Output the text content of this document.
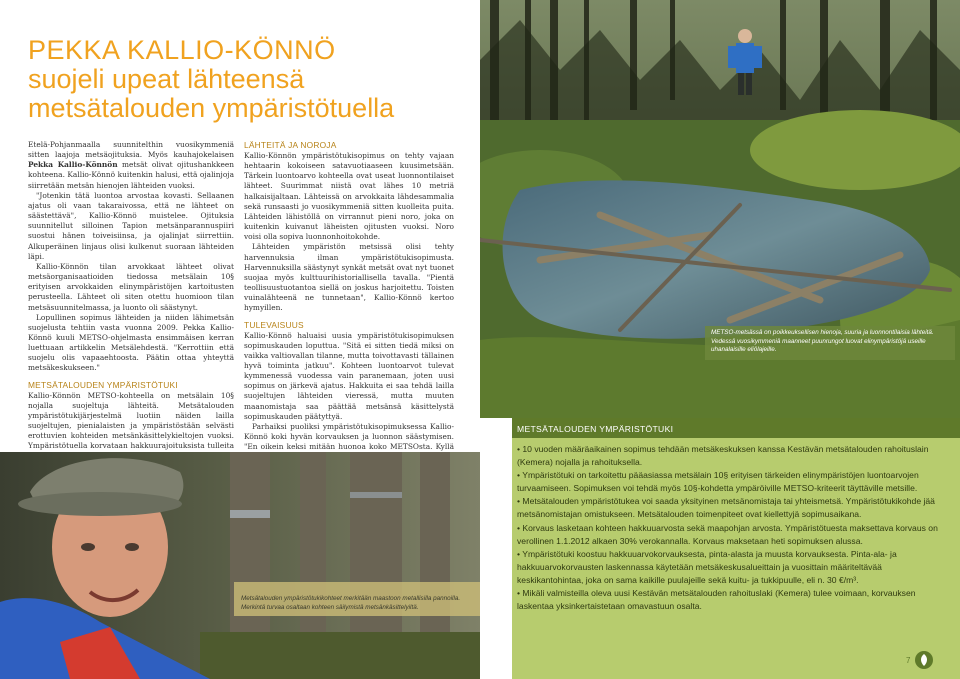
PEKKA KALLIO-KÖNNÖ
suojeli upeat lähteensä
metsätalouden ympäristötuella

Etelä-Pohjanmaalla suunnitelthin vuosikymmeniä sitten laajoja metsäojituksia. Myös kauhajokelaisen Pekka Kallio-Könnön metsät olivat ojitushankkeen kohteena. Kallio-Könnö kuitenkin halusi, että ojalinjoja siirretään metsän hienojen lähteiden vuoksi.

"Jotenkin tätä luontoa arvostaa kovasti. Sellaanen ajatus oli vaan takaraivossa, että ne lähteet on säästettävä", Kallio-Könnö muistelee. Ojituksia suunnitellut silloinen Tapion metsänparannuspiiri suostui hänen toiveisiinsa, ja ojalinjat siirrettiin. Alkuperäinen linjaus olisi kulkenut suoraan lähteiden läpi.

Kallio-Könnön tilan arvokkaat lähteet olivat metsäorganisaatioiden tiedossa metsälain 10§ erityisen arvokkaiden elinympäristöjen kartoitusten perusteella. Lähteet oli siten otettu huomioon tilan metsäsuunnitelmassa, ja luonto oli säästynyt.

Lopullinen sopimus lähteiden ja niiden lähimetsän suojelusta tehtiin vasta vuonna 2009. Pekka Kallio-Könnö kuuli METSO-ohjelmasta ensimmäisen kerran luettuaan artikkelin Metsälehdestä. "Kerrottiin että suojelu olis vapaaehtoosta. Päätin ottaa yhteyttä metsäkeskukseen."

METSÄTALOUDEN YMPÄRISTÖTUKI

Kallio-Könnön METSO-kohteella on metsälain 10§ nojalla suojeltuja lähteitä. Metsätalouden ympäristötukijärjestelmä luotiin näiden lailla suojeltujen, pienialaisten ja ympäristöstään selvästi erottuvien kohteiden metsänkäsittelykieltojen vuoksi. Ympäristötuella korvataan hakkuurajoituksista tulleita

LÄHTEITÄ JA NOROJA

Kallio-Könnön ympäristötukisopimus on tehty vajaan hehtaarin kokoiseen satavuotiaaseen kuusimetsään. Tärkein luontoarvo kohteella ovat useat luonnontilaiset lähteet. Suurimmat niistä ovat lähes 10 metriä halkaisijaltaan. Lähteissä on arvokkaita lähdesammalia sekä runsaasti jo vuosikymmeniä sitten kuolleita puita. Lähteiden lähistöllä on virrannut pieni noro, joka on kuitenkin kuivanut läheisten ojitusten vuoksi. Noro voisi olla sopiva luonnonhoitokohde.

Lähteiden ympäristön metsissä olisi tehty harvennuksia ilman ympäristötukisopimusta. Harvennuksilla säästynyt synkät metsät ovat nyt tuonet suojaa myös kulttuurihistoriallisella tavalla. "Pientä teollisuustuotantoa siellä on joskus harjoitettu. Toisten vuinalähteenä ne tunnetaan", Kallio-Könnö kertoo hymyillen.

TULEVAISUUS

Kallio-Könnö haluaisi uusia ympäristötukisopimuksen sopimuskauden loputtua. "Sitä ei sitten tiedä miksi on vaikka valtiovallan tilanne, mutta toivottavasti tällainen hyvä toiminta jatkuu". Kohteen luontoarvot tulevat kymmenessä vuodessa vain paranemaan, joten uusi sopimus on järkevä ajatus. Hakkuita ei saa tehdä lailla suojeltujen lähteiden vieressä, mutta muuten maanomistaja saa päättää metsänsä käsittelystä sopimuskauden päätyttyä.

Parhaiksi puoliksi ympäristötukisopimuksessa Kallio-Könnö koki hyvän korvauksen ja luonnon säästymisen. "En oikein keksi mitään huonoa koko METSOsta. Kyllä

METSO-metsässä on poikkeuksellisen hienoja, suuria ja luonnontilaisia lähteitä. Vedessä vuosikymmeniä maanneet puunrungot luovat elinympäristöjä useille uhanalaisille eliölajeille.
Metsätalouden ympäristötukikohteet merkitään maastoon metallisilla pannoilla. Merkintä turvaa osaltaan kohteen säilymistä metsänkäsittelyiltä.
METSÄTALOUDEN YMPÄRISTÖTUKI
• 10 vuoden määräaikainen sopimus tehdään metsäkeskuksen kanssa Kestävän metsätalouden rahoituslain (Kemera) nojalla ja rahoituksella.
• Ympäristötuki on tarkoitettu pääasiassa metsälain 10§ erityisen tärkeiden elinympäristöjen luontoarvojen turvaamiseen. Sopimuksen voi tehdä myös 10§-kohdetta ympäröiville METSO-kriteerit täyttäville metsille.
• Metsätalouden ympäristötukea voi saada yksityinen metsänomistaja tai yhteismetsä. Ympäristötukikohde jää metsänomistajan omistukseen. Metsätalouden toimenpiteet ovat kiellettyjä sopimusaikana.
• Korvaus lasketaan kohteen hakkuuarvosta sekä maapohjan arvosta. Ympäristötuesta maksettava korvaus on verollinen 1.1.2012 alkaen 30% verokannalla. Korvaus maksetaan heti sopimuksen alussa.
• Ympäristötuki koostuu hakkuuarvokorvauksesta, pinta-alasta ja muusta korvauksesta. Pinta-ala- ja hakkuuarvokorvausten laskennassa käytetään metsäkeskusalueittain ja vuosittain määriteltävää keskikantohintaa, joka on sama kaikille puulajeille sekä kuitu- ja tukkipuulle, eli n. 30 €/m³.
• Mikäli valmisteilla oleva uusi Kestävän metsätalouden rahoituslaki (Kemera) tulee voimaan, korvauksen laskentaa yksinkertaistetaan omavastuun osalta.
7
